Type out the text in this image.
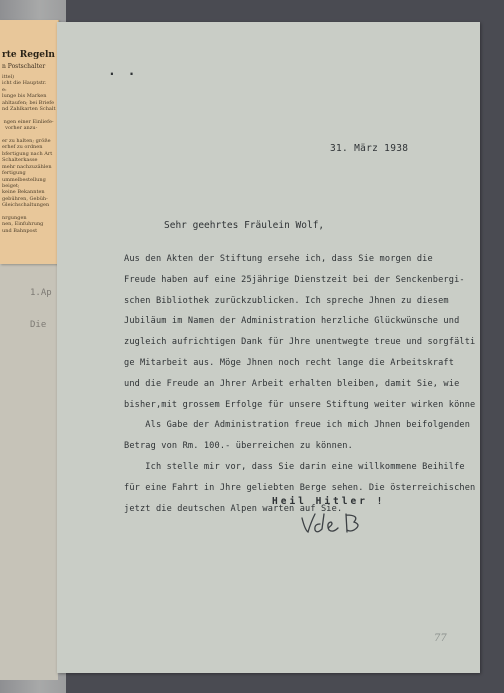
1.Ap

Die
rte Regeln
n Postschalter
ittel)
icht die Hauptstr.
e:
lunge bis Marken
ahltaufen; bei Briefe
nd Zahlkarten Schalt

ngen einer Einliefe-
vorher anzu-

er zu halten; größe
erhef zu ordnen
bfertigung nach Art
Schalterkasse
mehr nachzuzählen
fertigung
ummelbestellung
beiget;
keine Bekannten
gebühren, Gebüh-
Gleichschaltungen

nrgungen
nen, Einfuhrung
und Bahnpost
. .
31. März 1938
Sehr geehrtes Fräulein Wolf,
Aus den Akten der Stiftung ersehe ich, dass Sie morgen die
Freude haben auf eine 25jährige Dienstzeit bei der Senckenbergi-
schen Bibliothek zurückzublicken. Ich spreche Jhnen zu diesem
Jubiläum im Namen der Administration herzliche Glückwünsche und
zugleich aufrichtigen Dank für Jhre unentwegte treue und sorgfälti
ge Mitarbeit aus. Möge Jhnen noch recht lange die Arbeitskraft
und die Freude an Jhrer Arbeit erhalten bleiben, damit Sie, wie
bisher,mit grossem Erfolge für unsere Stiftung weiter wirken könne
Als Gabe der Administration freue ich mich Jhnen beifolgenden
Betrag von Rm. 100.- überreichen zu können.
Ich stelle mir vor, dass Sie darin eine willkommene Beihilfe
für eine Fahrt in Jhre geliebten Berge sehen. Die österreichischen
jetzt die deutschen Alpen warten auf Sie.
Heil Hitler !
77
